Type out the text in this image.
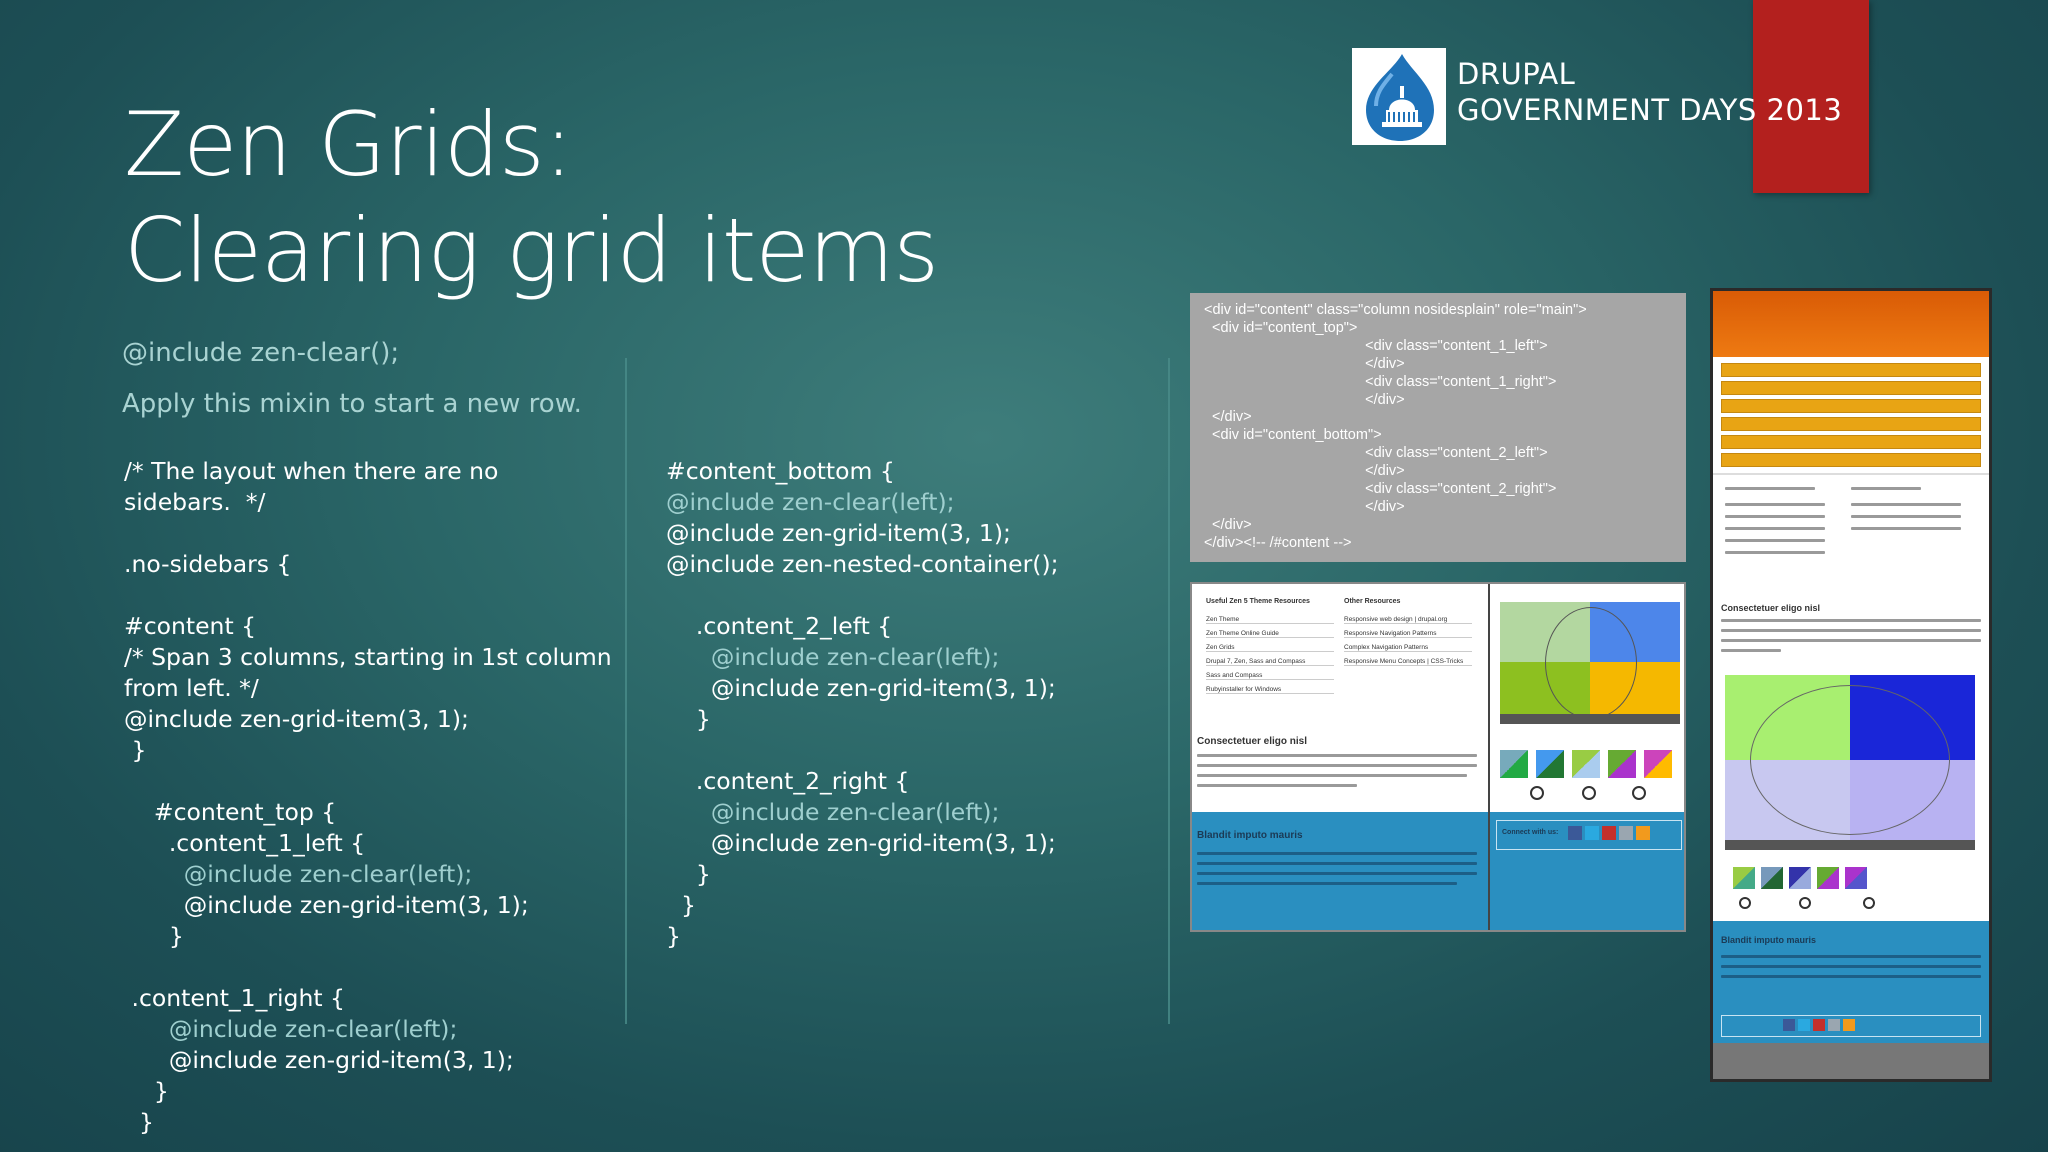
DRUPAL
GOVERNMENT DAYS 2013
Zen Grids:
Clearing grid items
@include zen-clear();
Apply this mixin to start a new row.
/* The layout when there are no
sidebars.  */
.no-sidebars {
#content {
/* Span 3 columns, starting in 1st column
from left. */
@include zen-grid-item(3, 1);
}
#content_top {
.content_1_left {
@include zen-clear(left);
@include zen-grid-item(3, 1);
}
.content_1_right {
@include zen-clear(left);
@include zen-grid-item(3, 1);
}
}
#content_bottom {
@include zen-clear(left);
@include zen-grid-item(3, 1);
@include zen-nested-container();
.content_2_left {
@include zen-clear(left);
@include zen-grid-item(3, 1);
}
.content_2_right {
@include zen-clear(left);
@include zen-grid-item(3, 1);
}
}
}
<div id="content" class="column nosidesplain" role="main">
<div id="content_top">
<div class="content_1_left">
</div>
<div class="content_1_right">
</div>
</div>
<div id="content_bottom">
<div class="content_2_left">
</div>
<div class="content_2_right">
</div>
</div>
</div><!-- /#content -->
Useful Zen 5 Theme Resources
Zen Theme
Zen Theme Online Guide
Zen Grids
Drupal 7, Zen, Sass and Compass
Sass and Compass
Rubyinstaller for Windows
Other Resources
Responsive web design | drupal.org
Responsive Navigation Patterns
Complex Navigation Patterns
Responsive Menu Concepts | CSS-Tricks
Consectetuer eligo nisl
Blandit imputo mauris	Connect with us:
Consectetuer eligo nisl
Blandit imputo mauris
